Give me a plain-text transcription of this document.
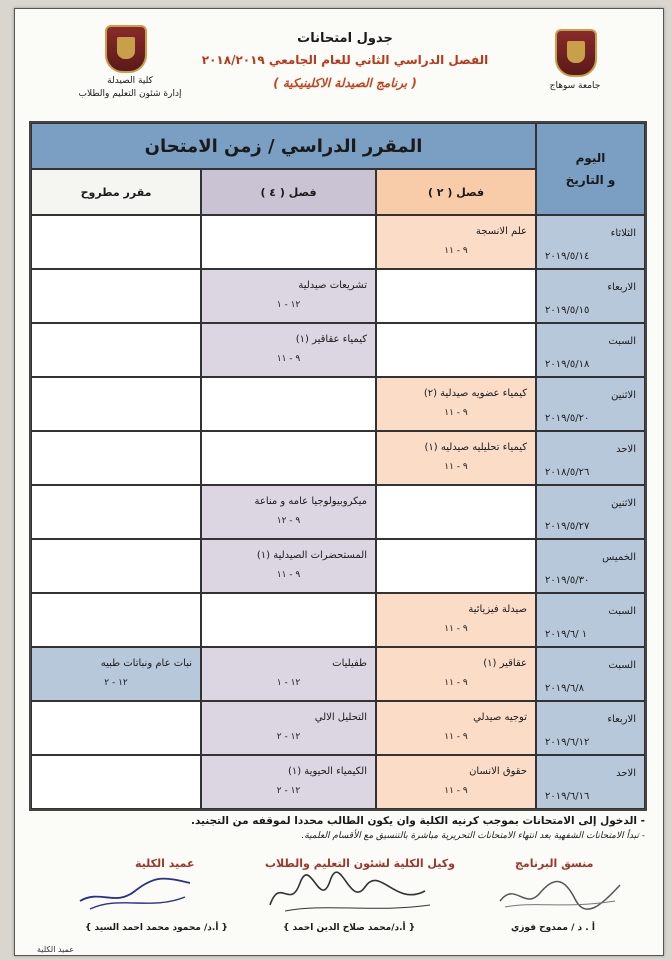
كلية الصيدلة
إدارة شئون التعليم والطلاب
جامعة سوهاج
جدول امتحانات
الفصل الدراسي الثاني للعام الجامعي ٢٠١٨/٢٠١٩
( برنامج الصيدلة الاكلينيكية )
المقرر الدراسي / زمن الامتحان
اليوم
و التاريخ
فصل ( ٢ )
فصل ( ٤ )
مقرر مطروح
الثلاثاء
٢٠١٩/٥/١٤
علم الانسجة
٩ - ١١
الاربعاء
٢٠١٩/٥/١٥
تشريعات صيدلية
١٢ - ١
السبت
٢٠١٩/٥/١٨
كيمياء عقاقير (١)
٩ - ١١
الاثنين
٢٠١٩/٥/٢٠
كيمياء عضويه صيدلية (٢)
٩ - ١١
الاحد
٢٠١٨/٥/٢٦
كيمياء تحليليه صيدليه (١)
٩ - ١١
الاثنين
٢٠١٩/٥/٢٧
ميكروبيولوجيا عامه و مناعة
٩ - ١٢
الخميس
٢٠١٩/٥/٣٠
المستحضرات الصيدلية (١)
٩ - ١١
السبت
١ /٢٠١٩/٦
صيدلة فيزيائية
٩ - ١١
السبت
٢٠١٩/٦/٨
عقاقير (١)
٩ - ١١
طفيليات
١٢ - ١
نبات عام ونباتات طبيه
١٢ - ٢
الاربعاء
٢٠١٩/٦/١٢
توجيه صيدلي
٩ - ١١
التحليل الالي
١٢ - ٢
الاحد
٢٠١٩/٦/١٦
حقوق الانسان
٩ - ١١
الكيمياء الحيوية (١)
١٢ - ٢
- الدخول إلى الامتحانات بموجب كرنيه الكلية وان يكون الطالب محددا لموقفه من التجنيد.
- تبدأ الامتحانات الشفهية بعد انتهاء الامتحانات التحريرية مباشرة بالتنسيق مع الأقسام العلمية.
منسق البرنامج
وكيل الكلية لشئون التعليم والطلاب
عميد الكلية
أ . د / ممدوح فوزي
{ أ.د/محمد صلاح الدين احمد }
{ أ.د/ محمود محمد احمد السيد }
عميد الكلية
